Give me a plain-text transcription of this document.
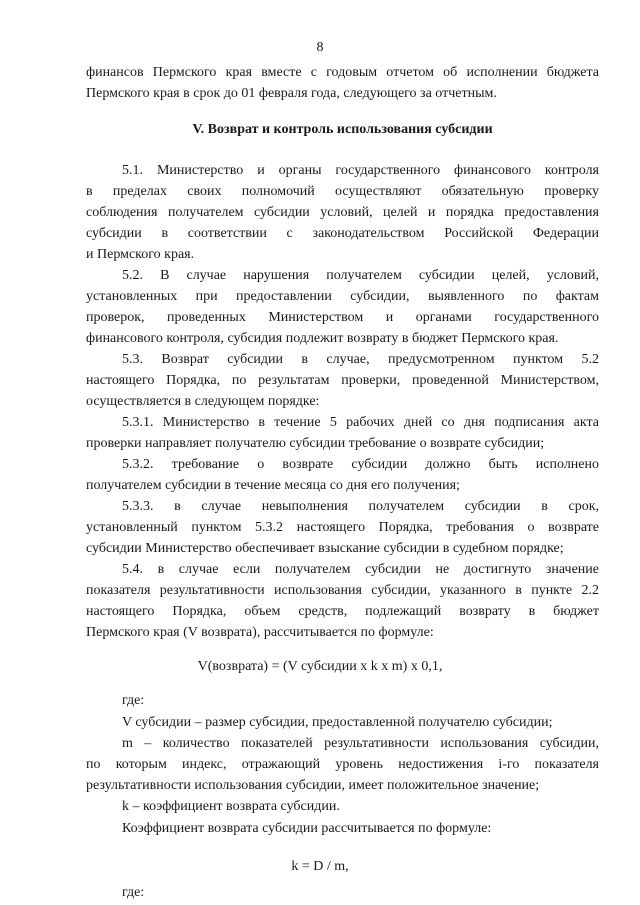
8
финансов Пермского края вместе с годовым отчетом об исполнении бюджета
Пермского края в срок до 01 февраля года, следующего за отчетным.
V. Возврат и контроль использования субсидии
5.1. Министерство и органы государственного финансового контроля
в пределах своих полномочий осуществляют обязательную проверку
соблюдения получателем субсидии условий, целей и порядка предоставления
субсидии в соответствии с законодательством Российской Федерации
и Пермского края.
5.2. В случае нарушения получателем субсидии целей, условий,
установленных при предоставлении субсидии, выявленного по фактам
проверок, проведенных Министерством и органами государственного
финансового контроля, субсидия подлежит возврату в бюджет Пермского края.
5.3. Возврат субсидии в случае, предусмотренном пунктом 5.2
настоящего Порядка, по результатам проверки, проведенной Министерством,
осуществляется в следующем порядке:
5.3.1. Министерство в течение 5 рабочих дней со дня подписания акта
проверки направляет получателю субсидии требование о возврате субсидии;
5.3.2. требование о возврате субсидии должно быть исполнено
получателем субсидии в течение месяца со дня его получения;
5.3.3. в случае невыполнения получателем субсидии в срок,
установленный пунктом 5.3.2 настоящего Порядка, требования о возврате
субсидии Министерство обеспечивает взыскание субсидии в судебном порядке;
5.4. в случае если получателем субсидии не достигнуто значение
показателя результативности использования субсидии, указанного в пункте 2.2
настоящего Порядка, объем средств, подлежащий возврату в бюджет
Пермского края (V возврата), рассчитывается по формуле:
V(возврата) = (V субсидии x k x m) x 0,1,
где:
V субсидии – размер субсидии, предоставленной получателю субсидии;
m – количество показателей результативности использования субсидии,
по которым индекс, отражающий уровень недостижения i-го показателя
результативности использования субсидии, имеет положительное значение;
k – коэффициент возврата субсидии.
Коэффициент возврата субсидии рассчитывается по формуле:
k = D / m,
где:
